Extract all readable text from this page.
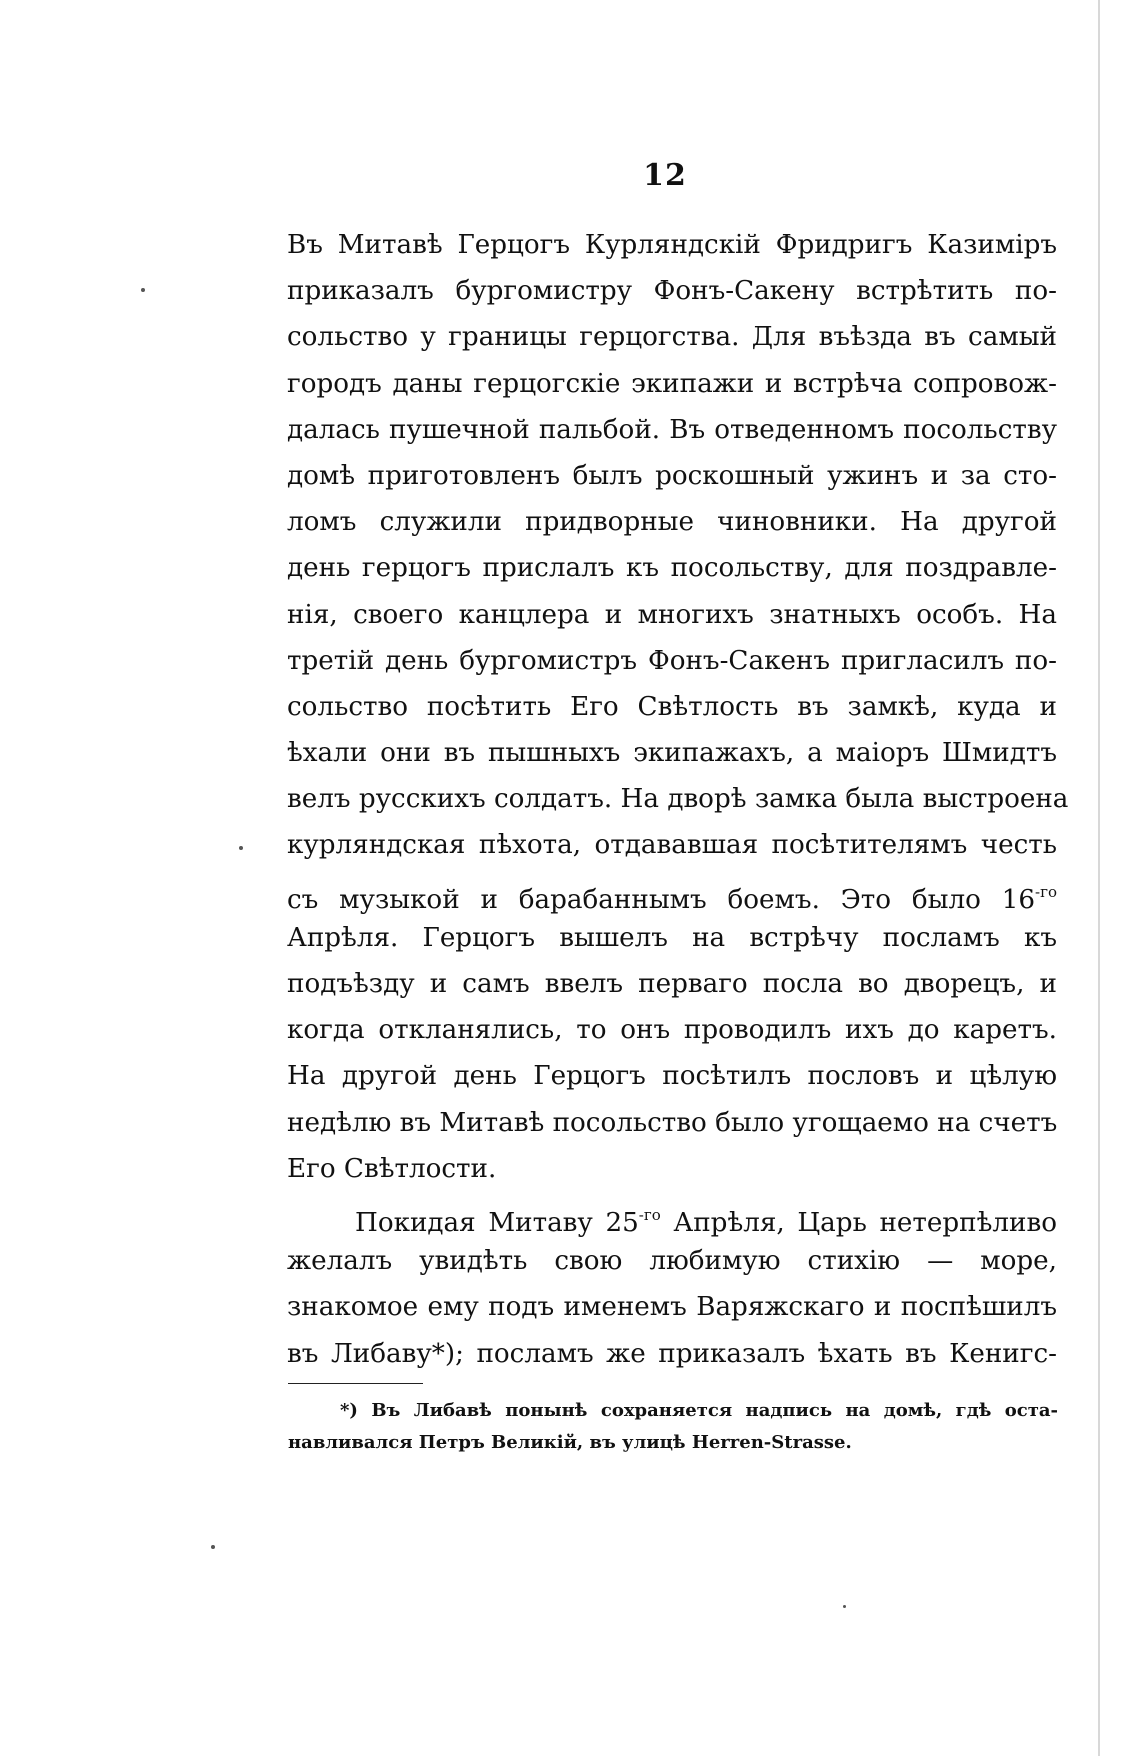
12
Въ Митавѣ Герцогъ Курляндскій Фридригъ Казиміръ
приказалъ бургомистру Фонъ-Сакену встрѣтить по-
сольство у границы герцогства. Для въѣзда въ самый
городъ даны герцогскіе экипажи и встрѣча сопровож-
далась пушечной пальбой. Въ отведенномъ посольству
домѣ приготовленъ былъ роскошный ужинъ и за сто-
ломъ служили придворные чиновники. На другой
день герцогъ прислалъ къ посольству, для поздравле-
нія, своего канцлера и многихъ знатныхъ особъ. На
третій день бургомистръ Фонъ-Сакенъ пригласилъ по-
сольство посѣтить Его Свѣтлость въ замкѣ, куда и
ѣхали они въ пышныхъ экипажахъ, а маіоръ Шмидтъ
велъ русскихъ солдатъ. На дворѣ замка была выстроена
курляндская пѣхота, отдававшая посѣтителямъ честь
съ музыкой и барабаннымъ боемъ. Это было $16^{-го}$
Апрѣля. Герцогъ вышелъ на встрѣчу посламъ къ
подъѣзду и самъ ввелъ перваго посла во дворецъ, и
когда откланялись, то онъ проводилъ ихъ до каретъ.
На другой день Герцогъ посѣтилъ пословъ и цѣлую
недѣлю въ Митавѣ посольство было угощаемо на счетъ
Его Свѣтлости.
Покидая Митаву $25^{-го}$ Апрѣля, Царь нетерпѣливо
желалъ увидѣть свою любимую стихію — море,
знакомое ему подъ именемъ Варяжскаго и поспѣшилъ
въ Либаву*); посламъ же приказалъ ѣхать въ Кенигс-
*) Въ Либавѣ понынѣ сохраняется надпись на домѣ, гдѣ оста-
навливался Петръ Великій, въ улицѣ Herren-Strasse.
